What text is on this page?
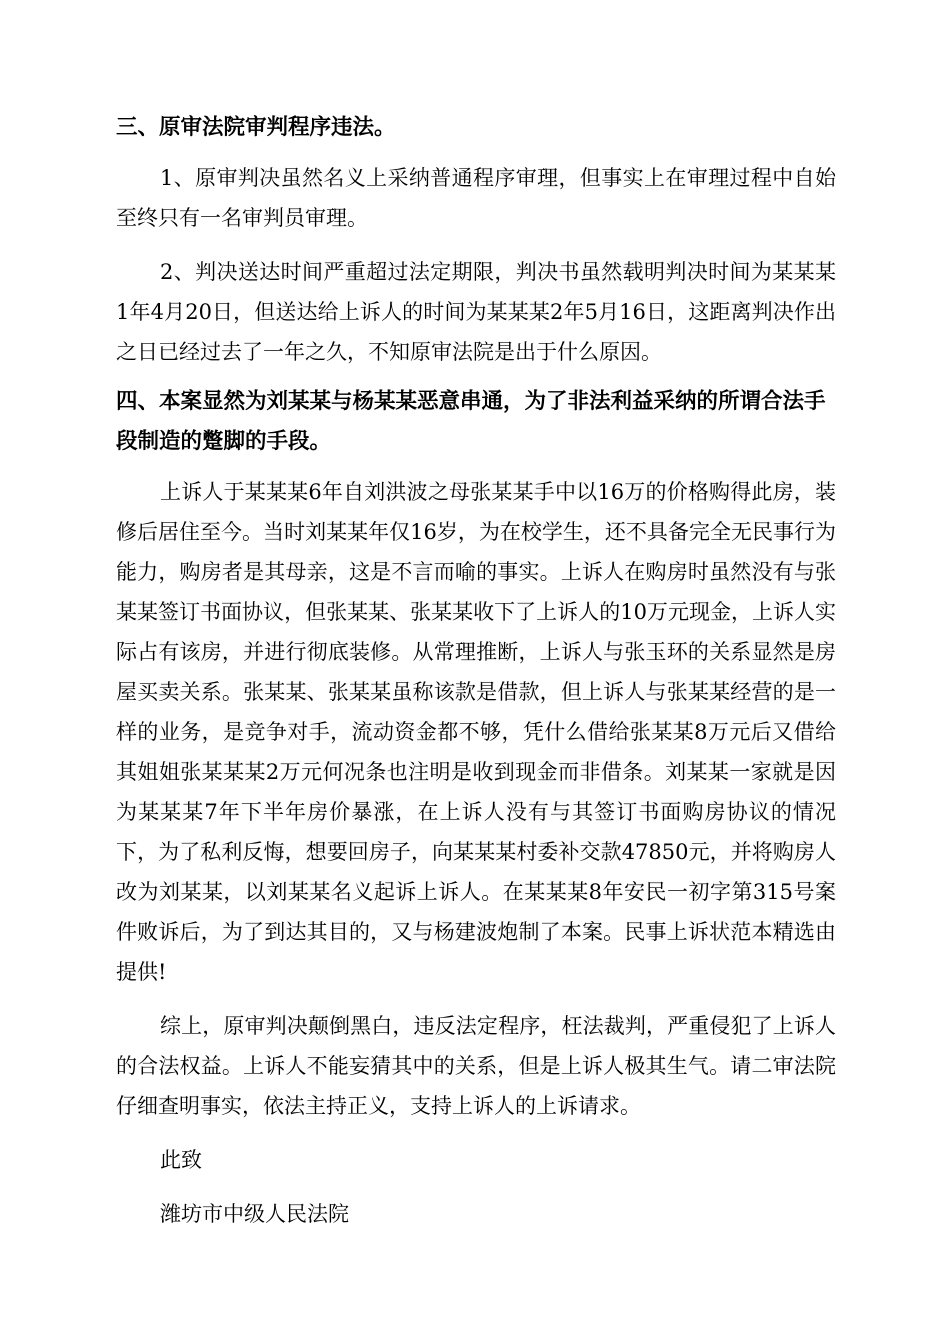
三、原审法院审判程序违法。

1、原审判决虽然名义上采纳普通程序审理，但事实上在审理过程中自始至终只有一名审判员审理。

2、判决送达时间严重超过法定期限，判决书虽然载明判决时间为某某某1年4月20日，但送达给上诉人的时间为某某某2年5月16日，这距离判决作出之日已经过去了一年之久，不知原审法院是出于什么原因。

四、本案显然为刘某某与杨某某恶意串通，为了非法利益采纳的所谓合法手段制造的蹩脚的手段。

上诉人于某某某6年自刘洪波之母张某某手中以16万的价格购得此房，装修后居住至今。当时刘某某年仅16岁，为在校学生，还不具备完全无民事行为能力，购房者是其母亲，这是不言而喻的事实。上诉人在购房时虽然没有与张某某签订书面协议，但张某某、张某某收下了上诉人的10万元现金，上诉人实际占有该房，并进行彻底装修。从常理推断，上诉人与张玉环的关系显然是房屋买卖关系。张某某、张某某虽称该款是借款，但上诉人与张某某经营的是一样的业务，是竞争对手，流动资金都不够，凭什么借给张某某8万元后又借给其姐姐张某某某2万元何况条也注明是收到现金而非借条。刘某某一家就是因为某某某7年下半年房价暴涨，在上诉人没有与其签订书面购房协议的情况下，为了私利反悔，想要回房子，向某某某村委补交款47850元，并将购房人改为刘某某，以刘某某名义起诉上诉人。在某某某8年安民一初字第315号案件败诉后，为了到达其目的，又与杨建波炮制了本案。民事上诉状范本精选由提供!

综上，原审判决颠倒黑白，违反法定程序，枉法裁判，严重侵犯了上诉人的合法权益。上诉人不能妄猜其中的关系，但是上诉人极其生气。请二审法院仔细查明事实，依法主持正义，支持上诉人的上诉请求。

此致

潍坊市中级人民法院
